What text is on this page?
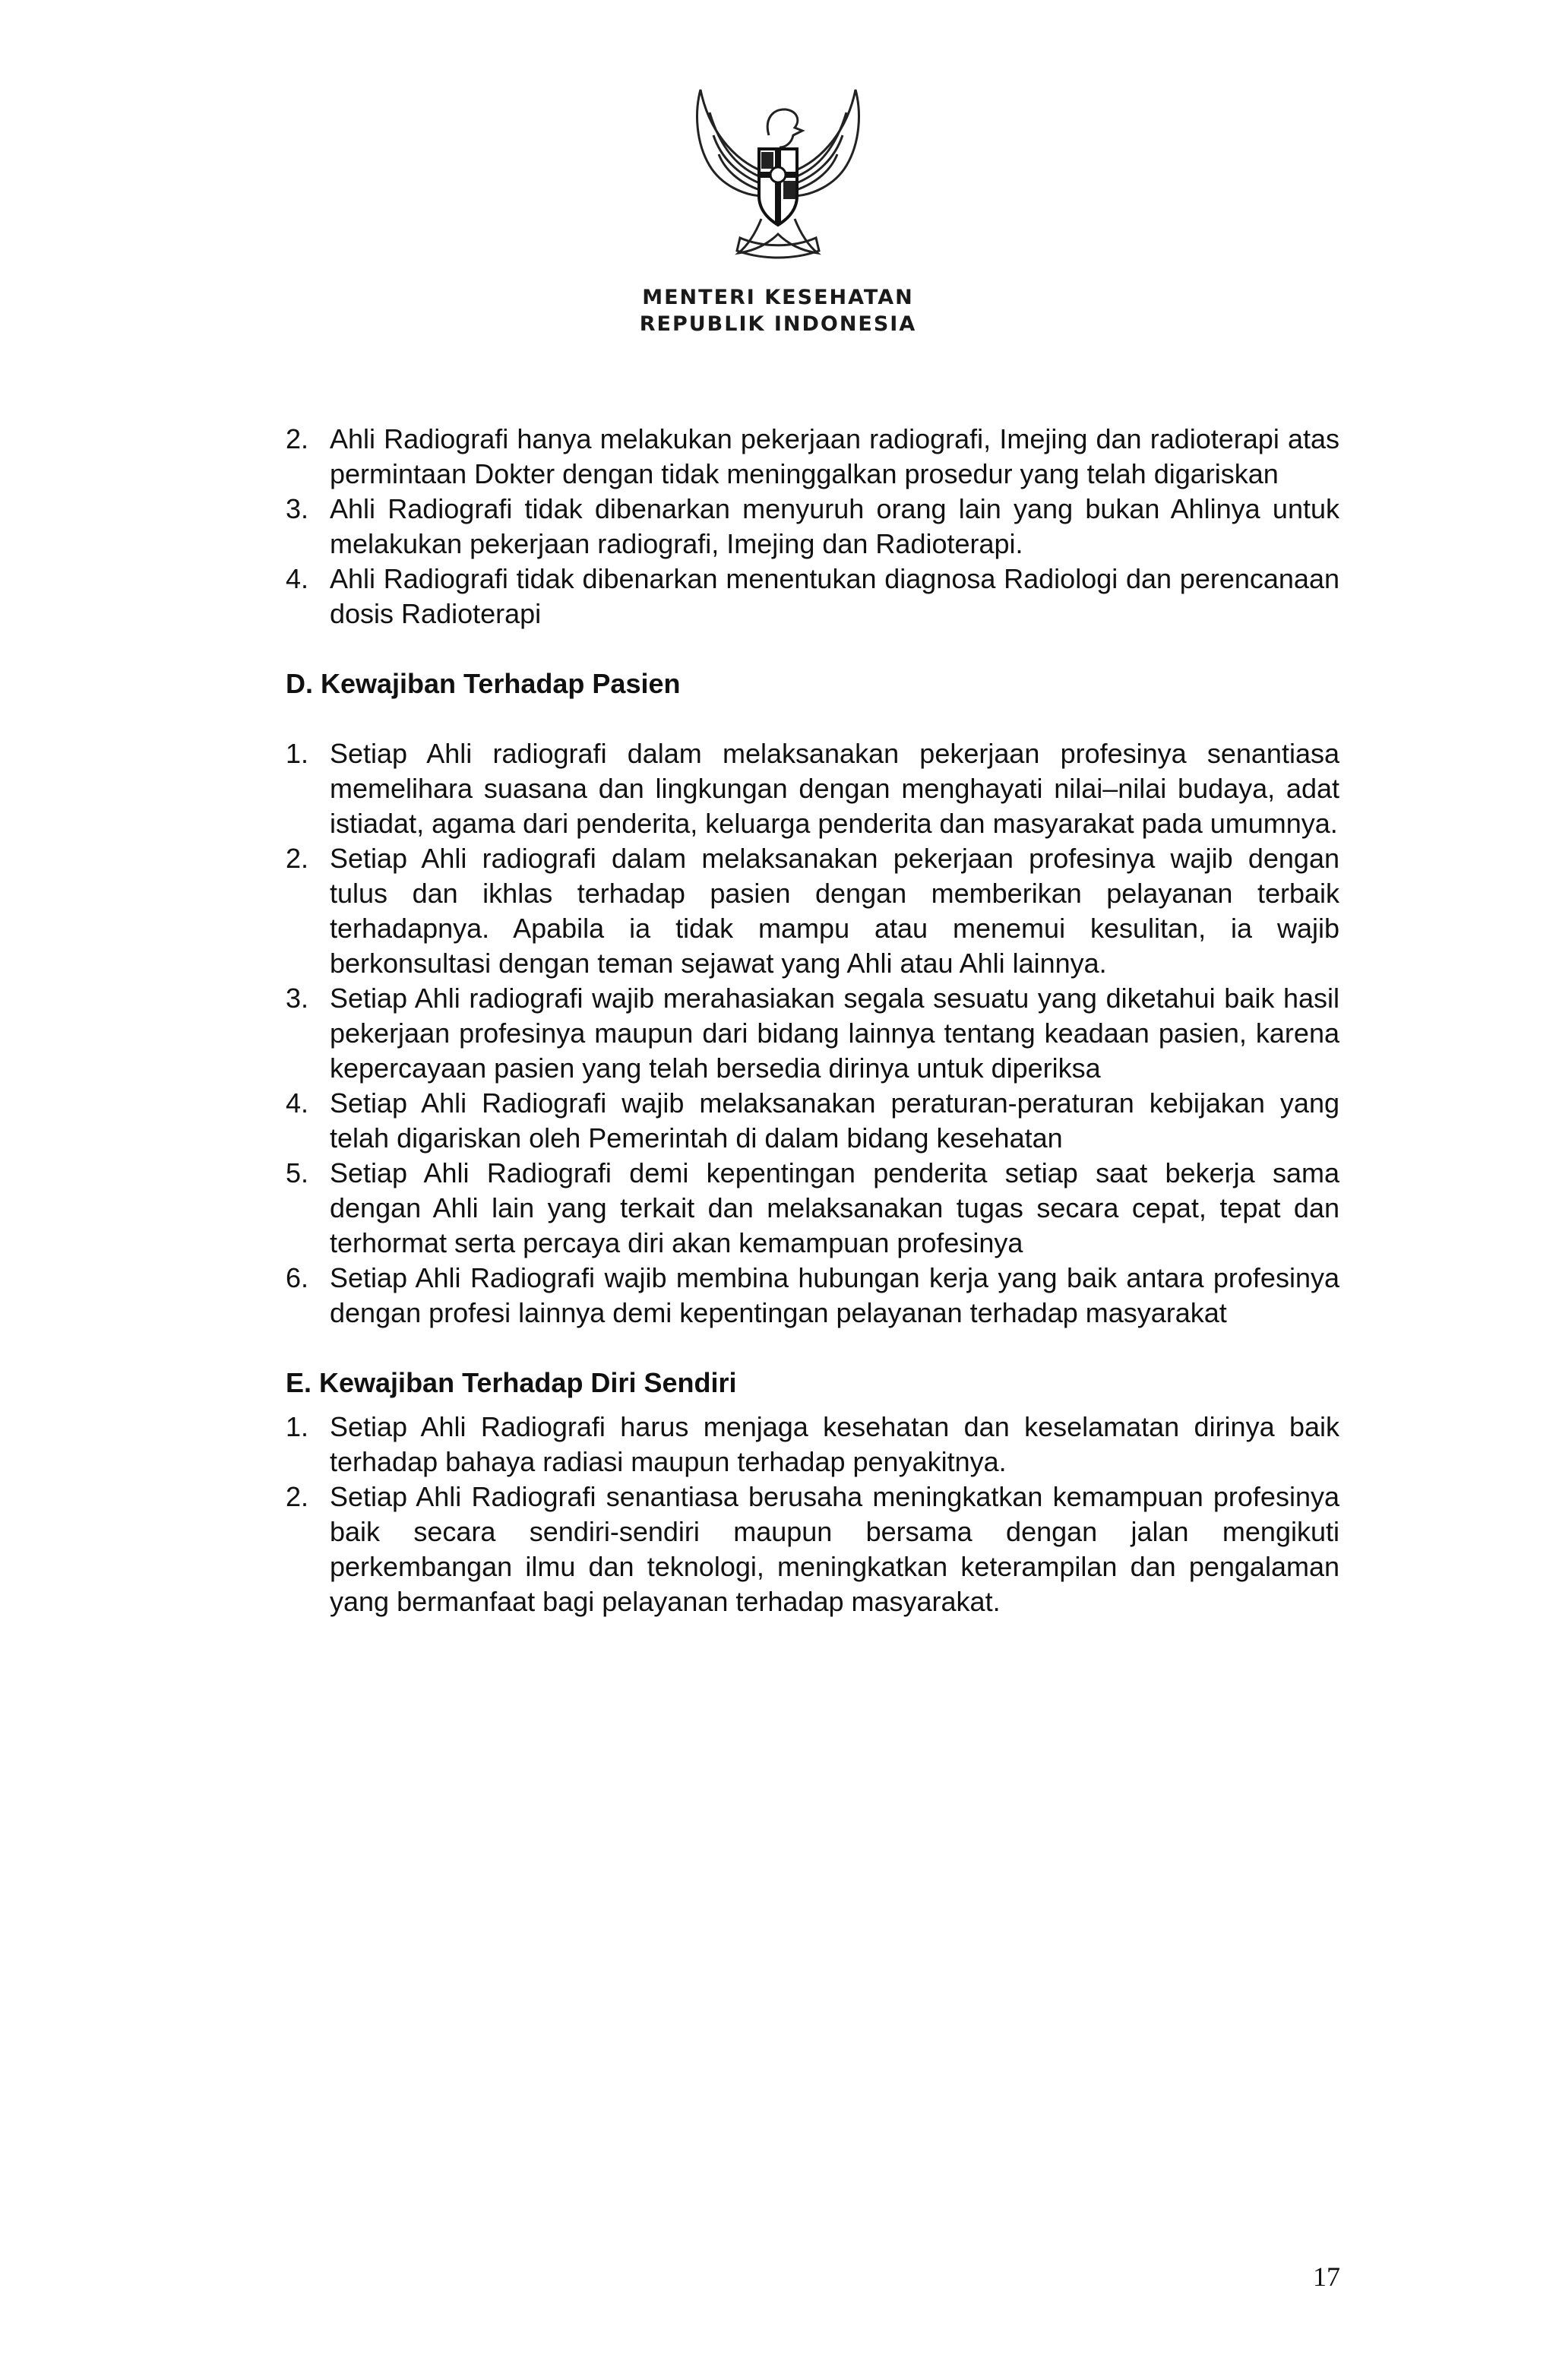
MENTERI KESEHATAN
REPUBLIK INDONESIA
2. Ahli Radiografi hanya melakukan pekerjaan radiografi, Imejing dan radioterapi atas permintaan Dokter dengan tidak meninggalkan prosedur yang telah digariskan
3. Ahli Radiografi tidak dibenarkan menyuruh orang lain yang bukan Ahlinya untuk melakukan pekerjaan radiografi, Imejing dan Radioterapi.
4. Ahli Radiografi tidak dibenarkan menentukan diagnosa Radiologi dan perencanaan dosis Radioterapi
D. Kewajiban Terhadap Pasien
1. Setiap Ahli radiografi dalam melaksanakan pekerjaan profesinya senantiasa memelihara suasana dan lingkungan dengan menghayati nilai–nilai budaya, adat istiadat, agama dari penderita, keluarga penderita dan masyarakat pada umumnya.
2. Setiap Ahli radiografi dalam melaksanakan pekerjaan profesinya wajib dengan tulus dan ikhlas terhadap pasien dengan memberikan pelayanan terbaik terhadapnya. Apabila ia tidak mampu atau menemui kesulitan, ia wajib berkonsultasi dengan teman sejawat yang Ahli atau Ahli lainnya.
3. Setiap Ahli radiografi wajib merahasiakan segala sesuatu yang diketahui baik hasil pekerjaan profesinya maupun dari bidang lainnya tentang keadaan pasien, karena kepercayaan pasien yang telah bersedia dirinya untuk diperiksa
4. Setiap Ahli Radiografi wajib melaksanakan peraturan-peraturan kebijakan yang telah digariskan oleh Pemerintah di dalam bidang kesehatan
5. Setiap Ahli Radiografi demi kepentingan penderita setiap saat bekerja sama dengan Ahli lain yang terkait dan melaksanakan tugas secara cepat, tepat dan terhormat serta percaya diri akan kemampuan profesinya
6. Setiap Ahli Radiografi wajib membina hubungan kerja yang baik antara profesinya dengan profesi lainnya demi kepentingan pelayanan terhadap masyarakat
E. Kewajiban Terhadap Diri Sendiri
1. Setiap Ahli Radiografi harus menjaga kesehatan dan keselamatan dirinya baik terhadap bahaya radiasi maupun terhadap penyakitnya.
2. Setiap Ahli Radiografi senantiasa berusaha meningkatkan kemampuan profesinya baik secara sendiri-sendiri maupun bersama dengan jalan mengikuti perkembangan ilmu dan teknologi, meningkatkan keterampilan dan pengalaman yang bermanfaat bagi pelayanan terhadap masyarakat.
17
